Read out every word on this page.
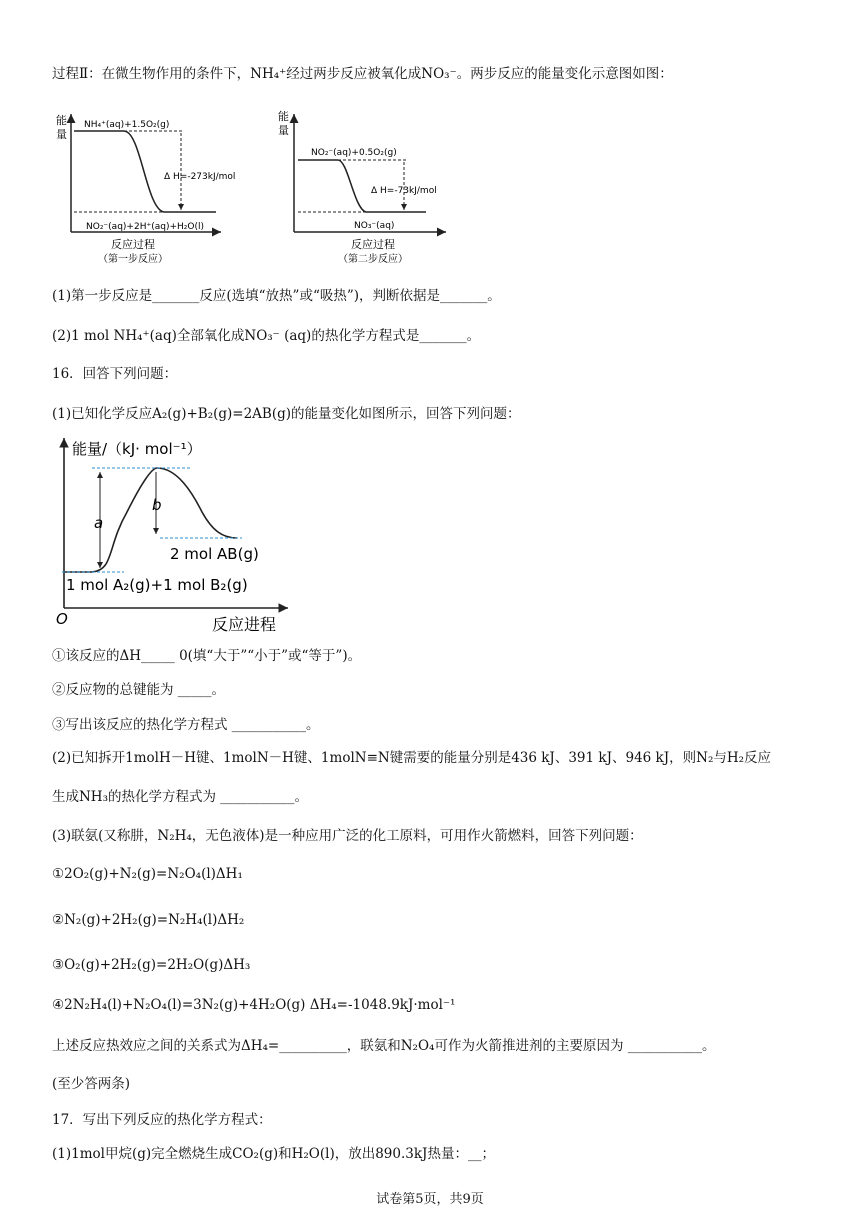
过程Ⅱ：在微生物作用的条件下，NH₄⁺经过两步反应被氧化成NO₃⁻。两步反应的能量变化示意图如图：
能
量
NH₄⁺(aq)+1.5O₂(g)
Δ H=-273kJ/mol
NO₂⁻(aq)+2H⁺(aq)+H₂O(l)
反应过程
（第一步反应）
能
量
NO₂⁻(aq)+0.5O₂(g)
Δ H=-73kJ/mol
NO₃⁻(aq)
反应过程
（第二步反应）
(1)第一步反应是_______反应(选填“放热”或“吸热”)，判断依据是_______。
(2)1 mol NH₄⁺(aq)全部氧化成NO₃⁻ (aq)的热化学方程式是_______。
16．回答下列问题：
(1)已知化学反应A₂(g)+B₂(g)=2AB(g)的能量变化如图所示，回答下列问题：
能量/（kJ· mol⁻¹）
a
b
2 mol AB(g)
1 mol A₂(g)+1 mol B₂(g)
O	反应进程
①该反应的ΔH_____ 0(填“大于”“小于”或“等于”)。
②反应物的总键能为 _____。
③写出该反应的热化学方程式 ___________。
(2)已知拆开1molH－H键、1molN－H键、1molN≡N键需要的能量分别是436 kJ、391 kJ、946 kJ，则N₂与H₂反应
生成NH₃的热化学方程式为 ___________。
(3)联氨(又称肼，N₂H₄，无色液体)是一种应用广泛的化工原料，可用作火箭燃料，回答下列问题：
①2O₂(g)+N₂(g)=N₂O₄(l)ΔH₁
②N₂(g)+2H₂(g)=N₂H₄(l)ΔH₂
③O₂(g)+2H₂(g)=2H₂O(g)ΔH₃
④2N₂H₄(l)+N₂O₄(l)=3N₂(g)+4H₂O(g) ΔH₄=-1048.9kJ·mol⁻¹
上述反应热效应之间的关系式为ΔH₄=__________，联氨和N₂O₄可作为火箭推进剂的主要原因为 ___________。
(至少答两条)
17．写出下列反应的热化学方程式：
(1)1mol甲烷(g)完全燃烧生成CO₂(g)和H₂O(l)，放出890.3kJ热量：__；
试卷第5页，共9页
